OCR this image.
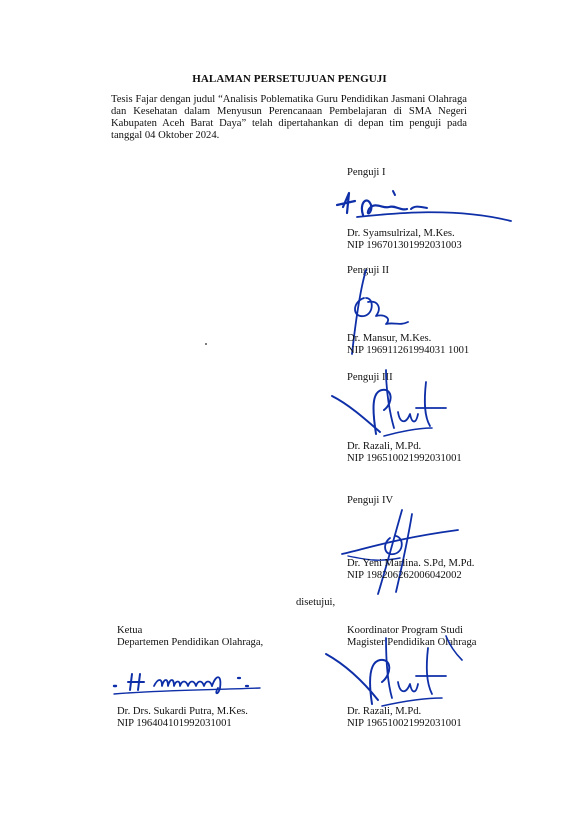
HALAMAN PERSETUJUAN PENGUJI

Tesis Fajar dengan judul “Analisis Poblematika Guru Pendidikan Jasmani Olahraga dan Kesehatan dalam Menyusun Perencanaan Pembelajaran di SMA Negeri Kabupaten Aceh Barat Daya” telah dipertahankan di depan tim penguji pada tanggal 04 Oktober 2024.

Penguji I
Dr. Syamsulrizal, M.Kes.
NIP 196701301992031003
Penguji II
Dr. Mansur, M.Kes.
NIP 196911261994031 1001
Penguji III
Dr. Razali, M.Pd.
NIP 196510021992031001
Penguji IV
Dr. Yeni Marlina. S.Pd, M.Pd.
NIP 198206262006042002
disetujui,
Ketua
Departemen Pendidikan Olahraga,
Dr. Drs. Sukardi Putra, M.Kes.
NIP 196404101992031001
Koordinator Program Studi
Magister Pendidikan Olahraga
Dr. Razali, M.Pd.
NIP 196510021992031001
